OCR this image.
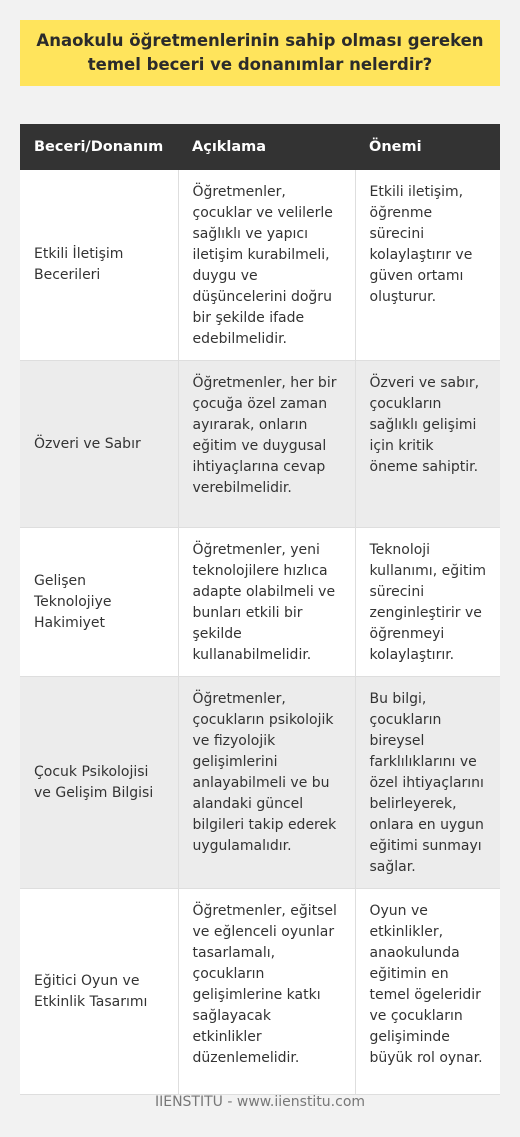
Anaokulu öğretmenlerinin sahip olması gereken temel beceri ve donanımlar nelerdir?
Beceri/Donanım	Açıklama	Önemi
Etkili İletişim Becerileri	Öğretmenler, çocuklar ve velilerle sağlıklı ve yapıcı iletişim kurabilmeli, duygu ve düşüncelerini doğru bir şekilde ifade edebilmelidir.	Etkili iletişim, öğrenme sürecini kolaylaştırır ve güven ortamı oluşturur.
Özveri ve Sabır	Öğretmenler, her bir çocuğa özel zaman ayırarak, onların eğitim ve duygusal ihtiyaçlarına cevap verebilmelidir.	Özveri ve sabır, çocukların sağlıklı gelişimi için kritik öneme sahiptir.
Gelişen Teknolojiye Hakimiyet	Öğretmenler, yeni teknolojilere hızlıca adapte olabilmeli ve bunları etkili bir şekilde kullanabilmelidir.	Teknoloji kullanımı, eğitim sürecini zenginleştirir ve öğrenmeyi kolaylaştırır.
Çocuk Psikolojisi ve Gelişim Bilgisi	Öğretmenler, çocukların psikolojik ve fizyolojik gelişimlerini anlayabilmeli ve bu alandaki güncel bilgileri takip ederek uygulamalıdır.	Bu bilgi, çocukların bireysel farklılıklarını ve özel ihtiyaçlarını belirleyerek, onlara en uygun eğitimi sunmayı sağlar.
Eğitici Oyun ve Etkinlik Tasarımı	Öğretmenler, eğitsel ve eğlenceli oyunlar tasarlamalı, çocukların gelişimlerine katkı sağlayacak etkinlikler düzenlemelidir.	Oyun ve etkinlikler, anaokulunda eğitimin en temel ögeleridir ve çocukların gelişiminde büyük rol oynar.
IIENSTITU - www.iienstitu.com
